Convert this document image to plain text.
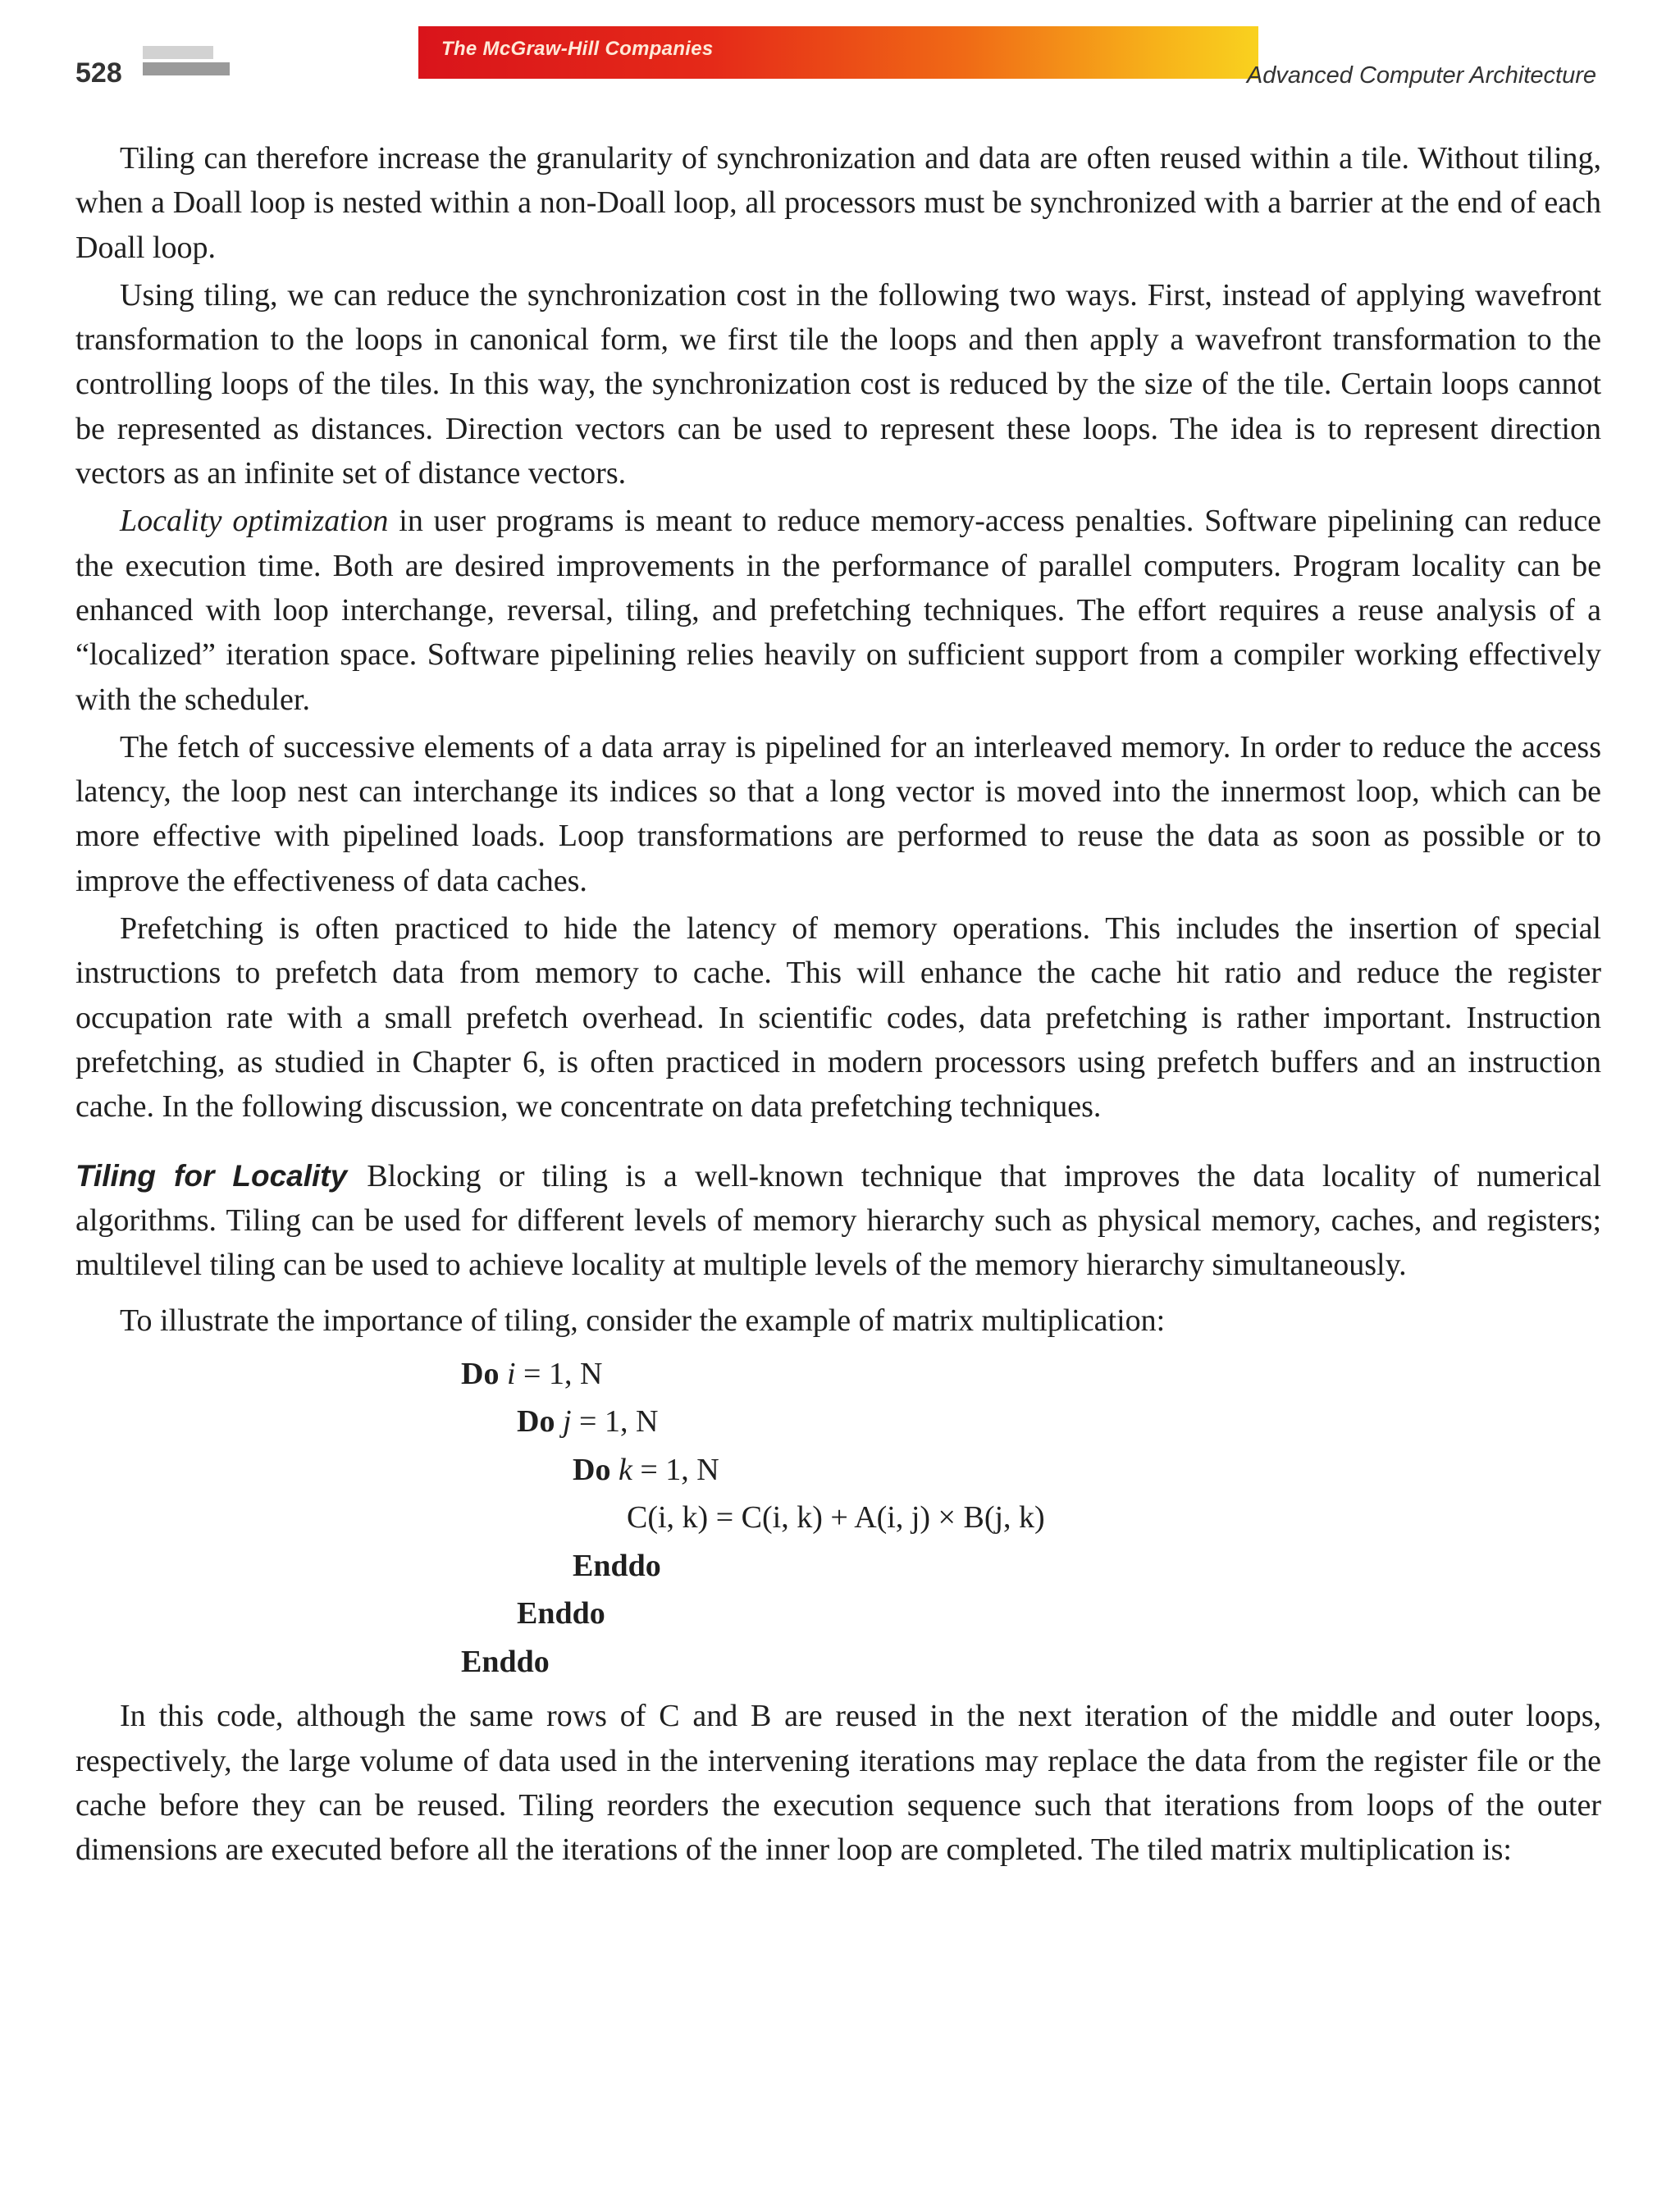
528
The McGraw-Hill Companies
Advanced Computer Architecture

Tiling can therefore increase the granularity of synchronization and data are often reused within a tile. Without tiling, when a Doall loop is nested within a non-Doall loop, all processors must be synchronized with a barrier at the end of each Doall loop.

Using tiling, we can reduce the synchronization cost in the following two ways. First, instead of applying wavefront transformation to the loops in canonical form, we first tile the loops and then apply a wavefront transformation to the controlling loops of the tiles. In this way, the synchronization cost is reduced by the size of the tile. Certain loops cannot be represented as distances. Direction vectors can be used to represent these loops. The idea is to represent direction vectors as an infinite set of distance vectors.

Locality optimization in user programs is meant to reduce memory-access penalties. Software pipelining can reduce the execution time. Both are desired improvements in the performance of parallel computers. Program locality can be enhanced with loop interchange, reversal, tiling, and prefetching techniques. The effort requires a reuse analysis of a “localized” iteration space. Software pipelining relies heavily on sufficient support from a compiler working effectively with the scheduler.

The fetch of successive elements of a data array is pipelined for an interleaved memory. In order to reduce the access latency, the loop nest can interchange its indices so that a long vector is moved into the innermost loop, which can be more effective with pipelined loads. Loop transformations are performed to reuse the data as soon as possible or to improve the effectiveness of data caches.

Prefetching is often practiced to hide the latency of memory operations. This includes the insertion of special instructions to prefetch data from memory to cache. This will enhance the cache hit ratio and reduce the register occupation rate with a small prefetch overhead. In scientific codes, data prefetching is rather important. Instruction prefetching, as studied in Chapter 6, is often practiced in modern processors using prefetch buffers and an instruction cache. In the following discussion, we concentrate on data prefetching techniques.

Tiling for Locality Blocking or tiling is a well-known technique that improves the data locality of numerical algorithms. Tiling can be used for different levels of memory hierarchy such as physical memory, caches, and registers; multilevel tiling can be used to achieve locality at multiple levels of the memory hierarchy simultaneously.

To illustrate the importance of tiling, consider the example of matrix multiplication:

Do i = 1, N
Do j = 1, N
Do k = 1, N
C(i, k) = C(i, k) + A(i, j) × B(j, k)
Enddo
Enddo
Enddo

In this code, although the same rows of C and B are reused in the next iteration of the middle and outer loops, respectively, the large volume of data used in the intervening iterations may replace the data from the register file or the cache before they can be reused. Tiling reorders the execution sequence such that iterations from loops of the outer dimensions are executed before all the iterations of the inner loop are completed. The tiled matrix multiplication is:
